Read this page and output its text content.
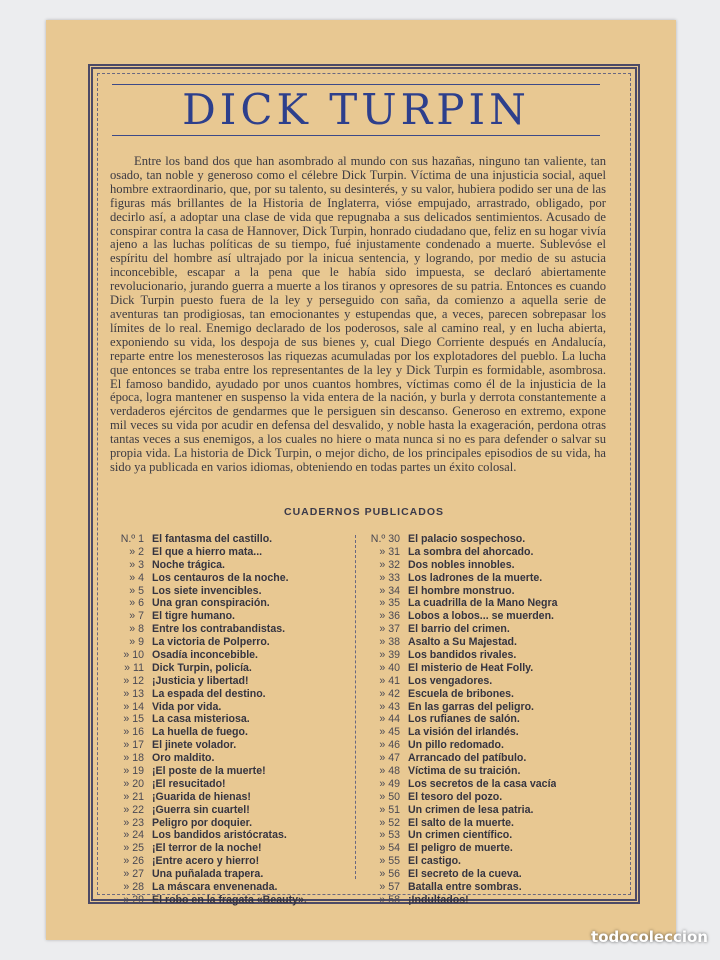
DICK TURPIN
Entre los band dos que han asombrado al mundo con sus hazañas, ninguno tan valiente, tan osado, tan noble y generoso como el célebre Dick Turpin. Víctima de una injusticia social, aquel hombre extraordinario, que, por su talento, su desinterés, y su valor, hubiera podido ser una de las figuras más brillantes de la Historia de Inglaterra, vióse empujado, arrastrado, obligado, por decirlo así, a adoptar una clase de vida que repugnaba a sus delicados sentimientos. Acusado de conspirar contra la casa de Hannover, Dick Turpin, honrado ciudadano que, feliz en su hogar vivía ajeno a las luchas políticas de su tiempo, fué injustamente condenado a muerte. Sublevóse el espíritu del hombre así ultrajado por la inicua sentencia, y logrando, por medio de su astucia inconcebible, escapar a la pena que le había sido impuesta, se declaró abiertamente revolucionario, jurando guerra a muerte a los tiranos y opresores de su patria. Entonces es cuando Dick Turpin puesto fuera de la ley y perseguido con saña, da comienzo a aquella serie de aventuras tan prodigiosas, tan emocionantes y estupendas que, a veces, parecen sobrepasar los límites de lo real. Enemigo declarado de los poderosos, sale al camino real, y en lucha abierta, exponiendo su vida, los despoja de sus bienes y, cual Diego Corriente después en Andalucía, reparte entre los menesterosos las riquezas acumuladas por los explotadores del pueblo. La lucha que entonces se traba entre los representantes de la ley y Dick Turpin es formidable, asombrosa. El famoso bandido, ayudado por unos cuantos hombres, víctimas como él de la injusticia de la época, logra mantener en suspenso la vida entera de la nación, y burla y derrota constantemente a verdaderos ejércitos de gendarmes que le persiguen sin descanso. Generoso en extremo, expone mil veces su vida por acudir en defensa del desvalido, y noble hasta la exageración, perdona otras tantas veces a sus enemigos, a los cuales no hiere o mata nunca si no es para defender o salvar su propia vida. La historia de Dick Turpin, o mejor dicho, de los principales episodios de su vida, ha sido ya publicada en varios idiomas, obteniendo en todas partes un éxito colosal.
CUADERNOS PUBLICADOS
N.º 1 El fantasma del castillo.
» 2 El que a hierro mata...
» 3 Noche trágica.
» 4 Los centauros de la noche.
» 5 Los siete invencibles.
» 6 Una gran conspiración.
» 7 El tigre humano.
» 8 Entre los contrabandistas.
» 9 La victoria de Polperro.
» 10 Osadía inconcebible.
» 11 Dick Turpin, policía.
» 12 ¡Justicia y libertad!
» 13 La espada del destino.
» 14 Vida por vida.
» 15 La casa misteriosa.
» 16 La huella de fuego.
» 17 El jinete volador.
» 18 Oro maldito.
» 19 ¡El poste de la muerte!
» 20 ¡El resucitado!
» 21 ¡Guarida de hienas!
» 22 ¡Guerra sin cuartel!
» 23 Peligro por doquier.
» 24 Los bandidos aristócratas.
» 25 ¡El terror de la noche!
» 26 ¡Entre acero y hierro!
» 27 Una puñalada trapera.
» 28 La máscara envenenada.
» 29 El robo en la fragata «Beauty».
N.º 30 El palacio sospechoso.
» 31 La sombra del ahorcado.
» 32 Dos nobles innobles.
» 33 Los ladrones de la muerte.
» 34 El hombre monstruo.
» 35 La cuadrilla de la Mano Negra
» 36 Lobos a lobos... se muerden.
» 37 El barrio del crimen.
» 38 Asalto a Su Majestad.
» 39 Los bandidos rivales.
» 40 El misterio de Heat Folly.
» 41 Los vengadores.
» 42 Escuela de bribones.
» 43 En las garras del peligro.
» 44 Los rufianes de salón.
» 45 La visión del irlandés.
» 46 Un pillo redomado.
» 47 Arrancado del patíbulo.
» 48 Víctima de su traición.
» 49 Los secretos de la casa vacía
» 50 El tesoro del pozo.
» 51 Un crimen de lesa patria.
» 52 El salto de la muerte.
» 53 Un crimen científico.
» 54 El peligro de muerte.
» 55 El castigo.
» 56 El secreto de la cueva.
» 57 Batalla entre sombras.
» 58 ¡Indultados!
todocoleccion
